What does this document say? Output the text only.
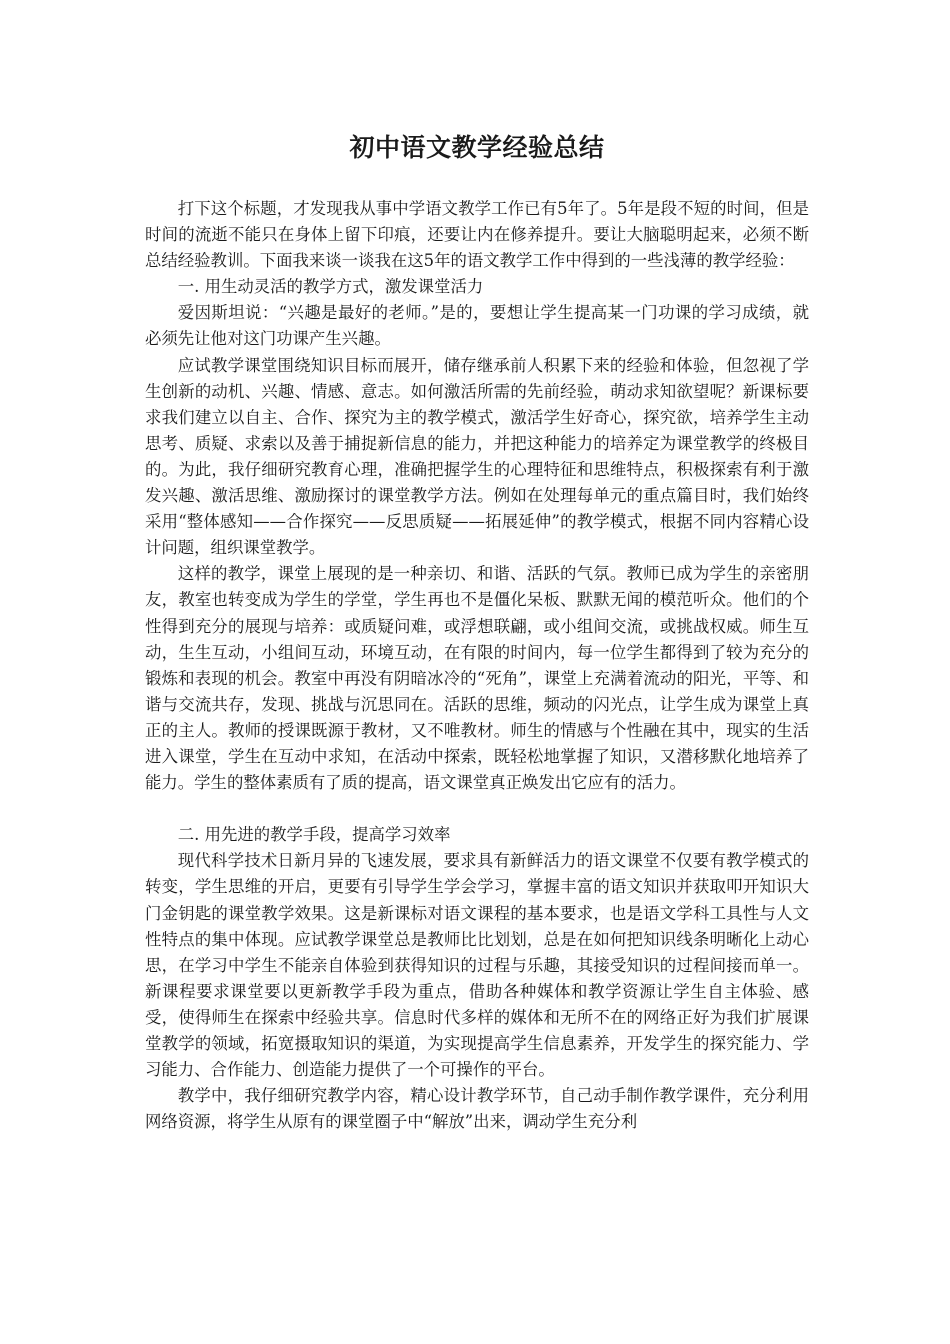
初中语文教学经验总结

打下这个标题，才发现我从事中学语文教学工作已有5年了。5年是段不短的时间，但是时间的流逝不能只在身体上留下印痕，还要让内在修养提升。要让大脑聪明起来，必须不断总结经验教训。下面我来谈一谈我在这5年的语文教学工作中得到的一些浅薄的教学经验：

一. 用生动灵活的教学方式，激发课堂活力

爱因斯坦说：“兴趣是最好的老师。”是的，要想让学生提高某一门功课的学习成绩，就必须先让他对这门功课产生兴趣。

应试教学课堂围绕知识目标而展开，储存继承前人积累下来的经验和体验，但忽视了学生创新的动机、兴趣、情感、意志。如何激活所需的先前经验，萌动求知欲望呢？新课标要求我们建立以自主、合作、探究为主的教学模式，激活学生好奇心，探究欲，培养学生主动思考、质疑、求索以及善于捕捉新信息的能力，并把这种能力的培养定为课堂教学的终极目的。为此，我仔细研究教育心理，准确把握学生的心理特征和思维特点，积极探索有利于激发兴趣、激活思维、激励探讨的课堂教学方法。例如在处理每单元的重点篇目时，我们始终采用“整体感知——合作探究——反思质疑——拓展延伸”的教学模式，根据不同内容精心设计问题，组织课堂教学。

这样的教学，课堂上展现的是一种亲切、和谐、活跃的气氛。教师已成为学生的亲密朋友，教室也转变成为学生的学堂，学生再也不是僵化呆板、默默无闻的模范听众。他们的个性得到充分的展现与培养：或质疑问难，或浮想联翩，或小组间交流，或挑战权威。师生互动，生生互动，小组间互动，环境互动，在有限的时间内，每一位学生都得到了较为充分的锻炼和表现的机会。教室中再没有阴暗冰冷的“死角”，课堂上充满着流动的阳光，平等、和谐与交流共存，发现、挑战与沉思同在。活跃的思维，频动的闪光点，让学生成为课堂上真正的主人。教师的授课既源于教材，又不唯教材。师生的情感与个性融在其中，现实的生活进入课堂，学生在互动中求知，在活动中探索，既轻松地掌握了知识，又潜移默化地培养了能力。学生的整体素质有了质的提高，语文课堂真正焕发出它应有的活力。

二. 用先进的教学手段，提高学习效率

现代科学技术日新月异的飞速发展，要求具有新鲜活力的语文课堂不仅要有教学模式的转变，学生思维的开启，更要有引导学生学会学习，掌握丰富的语文知识并获取叩开知识大门金钥匙的课堂教学效果。这是新课标对语文课程的基本要求，也是语文学科工具性与人文性特点的集中体现。应试教学课堂总是教师比比划划，总是在如何把知识线条明晰化上动心思，在学习中学生不能亲自体验到获得知识的过程与乐趣，其接受知识的过程间接而单一。新课程要求课堂要以更新教学手段为重点，借助各种媒体和教学资源让学生自主体验、感受，使得师生在探索中经验共享。信息时代多样的媒体和无所不在的网络正好为我们扩展课堂教学的领域，拓宽摄取知识的渠道，为实现提高学生信息素养，开发学生的探究能力、学习能力、合作能力、创造能力提供了一个可操作的平台。

教学中，我仔细研究教学内容，精心设计教学环节，自己动手制作教学课件，充分利用网络资源，将学生从原有的课堂圈子中“解放”出来，调动学生充分利
